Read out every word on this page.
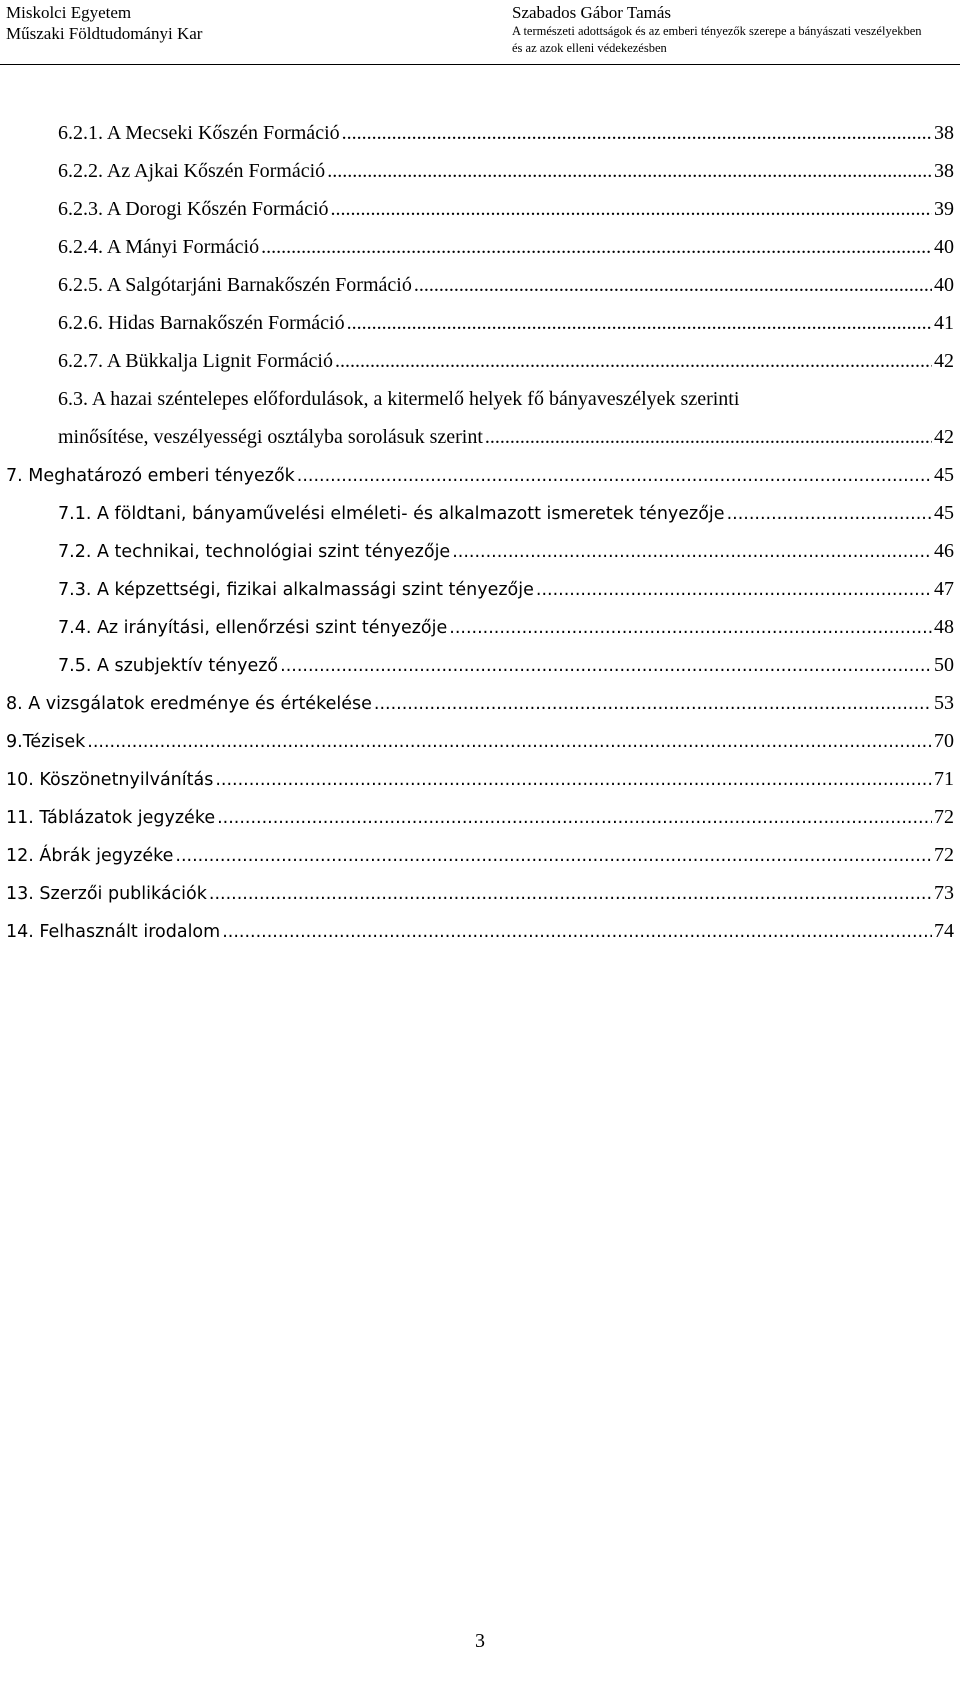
Miskolci Egyetem
Műszaki Földtudományi Kar
Szabados Gábor Tamás
A természeti adottságok és az emberi tényezők szerepe a bányászati veszélyekben
és az azok elleni védekezésben
6.2.1. A Mecseki Kőszén Formáció .....	38
6.2.2. Az Ajkai Kőszén Formáció .....	38
6.2.3. A Dorogi Kőszén Formáció .....	39
6.2.4. A Mányi Formáció .....	40
6.2.5. A Salgótarjáni Barnakőszén Formáció .....	40
6.2.6. Hidas Barnakőszén Formáció .....	41
6.2.7. A Bükkalja Lignit Formáció .....	42
6.3. A hazai széntelepes előfordulások, a kitermelő helyek fő bányaveszélyek szerinti
minősítése, veszélyességi osztályba sorolásuk szerint .....	42
7. Meghatározó emberi tényezők .....	45
7.1. A földtani, bányaművelési elméleti- és alkalmazott ismeretek tényezője .....	45
7.2. A technikai, technológiai szint tényezője .....	46
7.3. A képzettségi, fizikai alkalmassági szint tényezője .....	47
7.4. Az irányítási, ellenőrzési szint tényezője .....	48
7.5. A szubjektív tényező .....	50
8. A vizsgálatok eredménye és értékelése .....	53
9.Tézisek .....	70
10. Köszönetnyilvánítás .....	71
11. Táblázatok jegyzéke .....	72
12. Ábrák jegyzéke .....	72
13. Szerzői publikációk .....	73
14. Felhasznált irodalom .....	74
3
